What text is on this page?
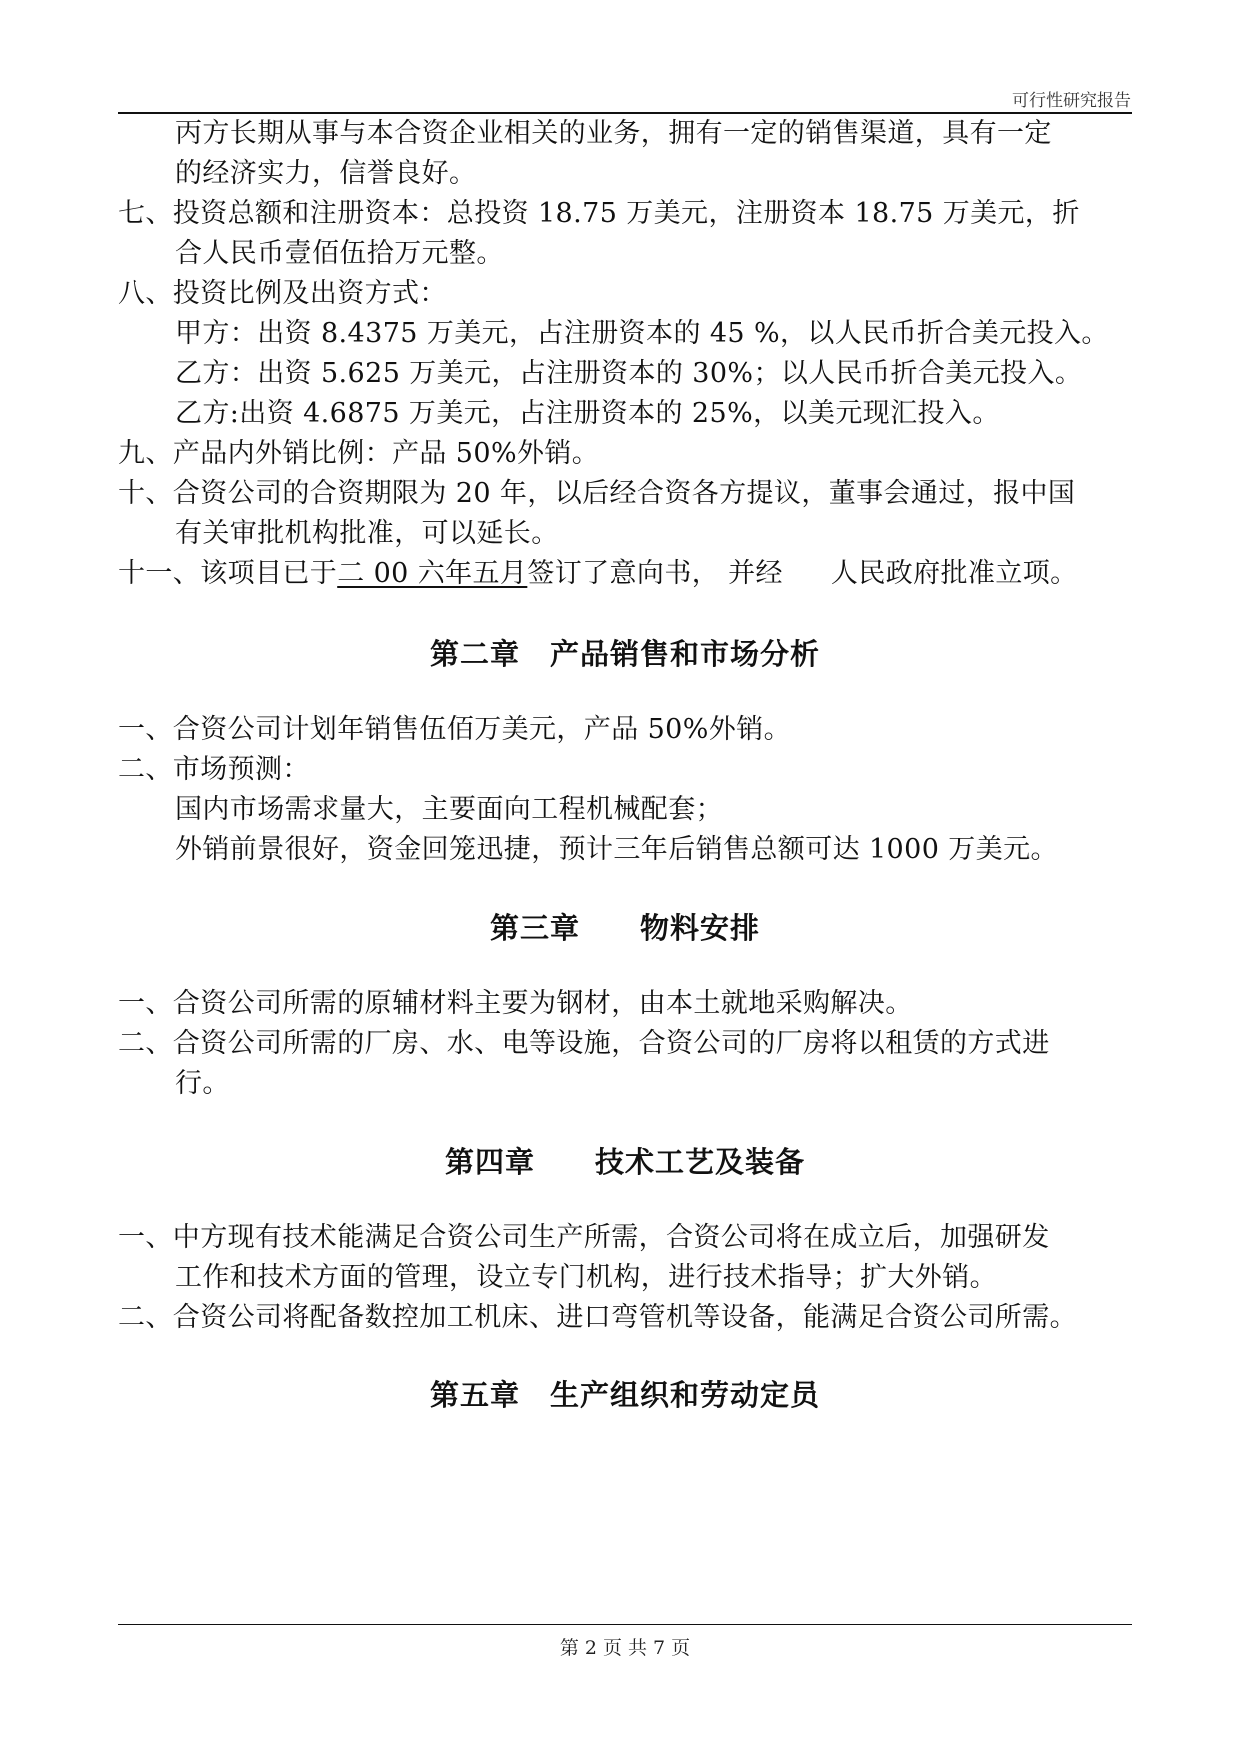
可行性研究报告
丙方长期从事与本合资企业相关的业务，拥有一定的销售渠道，具有一定
的经济实力，信誉良好。
七、投资总额和注册资本：总投资 18.75 万美元，注册资本 18.75 万美元，折
合人民币壹佰伍拾万元整。
八、投资比例及出资方式：
甲方：出资 8.4375 万美元，占注册资本的 45 %，以人民币折合美元投入。
乙方：出资 5.625 万美元，占注册资本的 30%；以人民币折合美元投入。
乙方:出资 4.6875 万美元，占注册资本的 25%，以美元现汇投入。
九、产品内外销比例：产品 50%外销。
十、合资公司的合资期限为 20 年，以后经合资各方提议，董事会通过，报中国
有关审批机构批准，可以延长。
十一、该项目已于二 00 六年五月签订了意向书， 并经 人民政府批准立项。
第二章　产品销售和市场分析
一、合资公司计划年销售伍佰万美元，产品 50%外销。
二、市场预测：
国内市场需求量大，主要面向工程机械配套；
外销前景很好，资金回笼迅捷，预计三年后销售总额可达 1000 万美元。
第三章　　物料安排
一、合资公司所需的原辅材料主要为钢材，由本土就地采购解决。
二、合资公司所需的厂房、水、电等设施，合资公司的厂房将以租赁的方式进
行。
第四章　　技术工艺及装备
一、中方现有技术能满足合资公司生产所需，合资公司将在成立后，加强研发
工作和技术方面的管理，设立专门机构，进行技术指导；扩大外销。
二、合资公司将配备数控加工机床、进口弯管机等设备，能满足合资公司所需。
第五章　生产组织和劳动定员
第 2 页 共 7 页
